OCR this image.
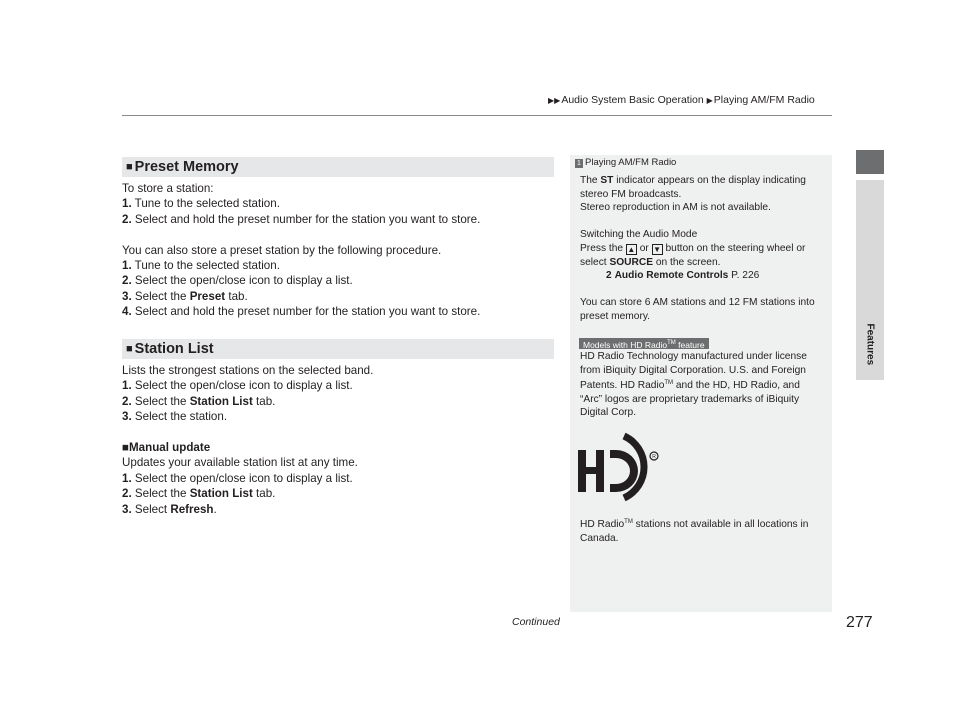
▶▶Audio System Basic Operation ▶Playing AM/FM Radio
Features
■ Preset Memory

To store a station:

1. Tune to the selected station.

2. Select and hold the preset number for the station you want to store.

You can also store a preset station by the following procedure.

1. Tune to the selected station.

2. Select the open/close icon to display a list.

3. Select the Preset tab.

4. Select and hold the preset number for the station you want to store.

■ Station List

Lists the strongest stations on the selected band.

1. Select the open/close icon to display a list.

2. Select the Station List tab.

3. Select the station.

■Manual update

Updates your available station list at any time.

1. Select the open/close icon to display a list.

2. Select the Station List tab.

3. Select Refresh.

1 Playing AM/FM Radio

The ST indicator appears on the display indicating

stereo FM broadcasts.

Stereo reproduction in AM is not available.

Switching the Audio Mode

Press the ▲ or ▼ button on the steering wheel or

select SOURCE on the screen.

2 Audio Remote Controls P. 226

You can store 6 AM stations and 12 FM stations into

preset memory.

Models with HD Radio™ feature

HD Radio Technology manufactured under license

from iBiquity Digital Corporation. U.S. and Foreign

Patents. HD Radio™ and the HD, HD Radio, and

“Arc” logos are proprietary trademarks of iBiquity

Digital Corp.

R

HD Radio™ stations not available in all locations in

Canada.

Continued	277
